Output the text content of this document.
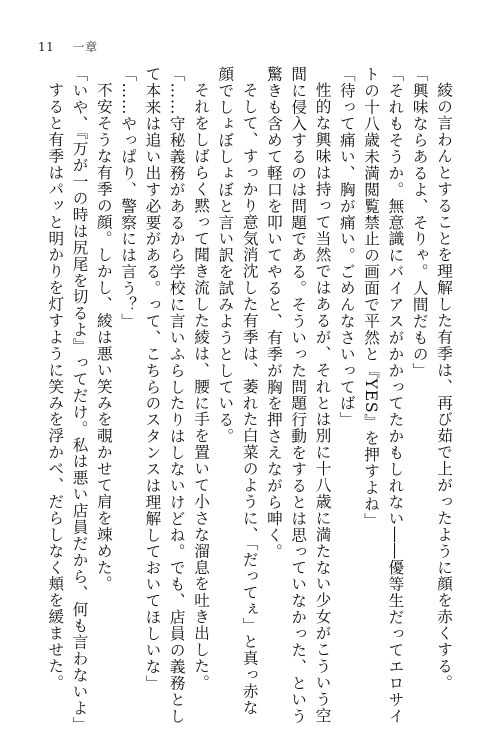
11 一章

綾の言わんとすることを理解した有季は、再び茹で上がったように顔を赤くする。

「興味ならあるよ、そりゃ。人間だもの」

「それもそうか。無意識にバイアスがかかってたかもしれない――優等生だってエロサイ

トの十八歳未満閲覧禁止の画面で平然と『YES』を押すよね」

「待って痛い、胸が痛い。ごめんなさいってば」

性的な興味は持って当然ではあるが、それとは別に十八歳に満たない少女がこういう空

間に侵入するのは問題である。そういった問題行動をするとは思っていなかった、という

驚きも含めて軽口を叩いてやると、有季が胸を押さえながら呻く。

そして、すっかり意気消沈した有季は、萎れた白菜のように、「だってぇ」と真っ赤な

顔でしょぼしょぼと言い訳を試みようとしている。

それをしばらく黙って聞き流した綾は、腰に手を置いて小さな溜息を吐き出した。

「……守秘義務があるから学校に言いふらしたりはしないけどね。でも、店員の義務とし

て本来は追い出す必要がある。って、こちらのスタンスは理解しておいてほしいな」

「……やっぱり、警察には言う？」

不安そうな有季の顔。しかし、綾は悪い笑みを覗かせて肩を竦めた。

「いや、『万が一の時は尻尾を切るよ』ってだけ。私は悪い店員だから、何も言わないよ」

すると有季はパッと明かりを灯すように笑みを浮かべ、だらしなく頬を緩ませた。
